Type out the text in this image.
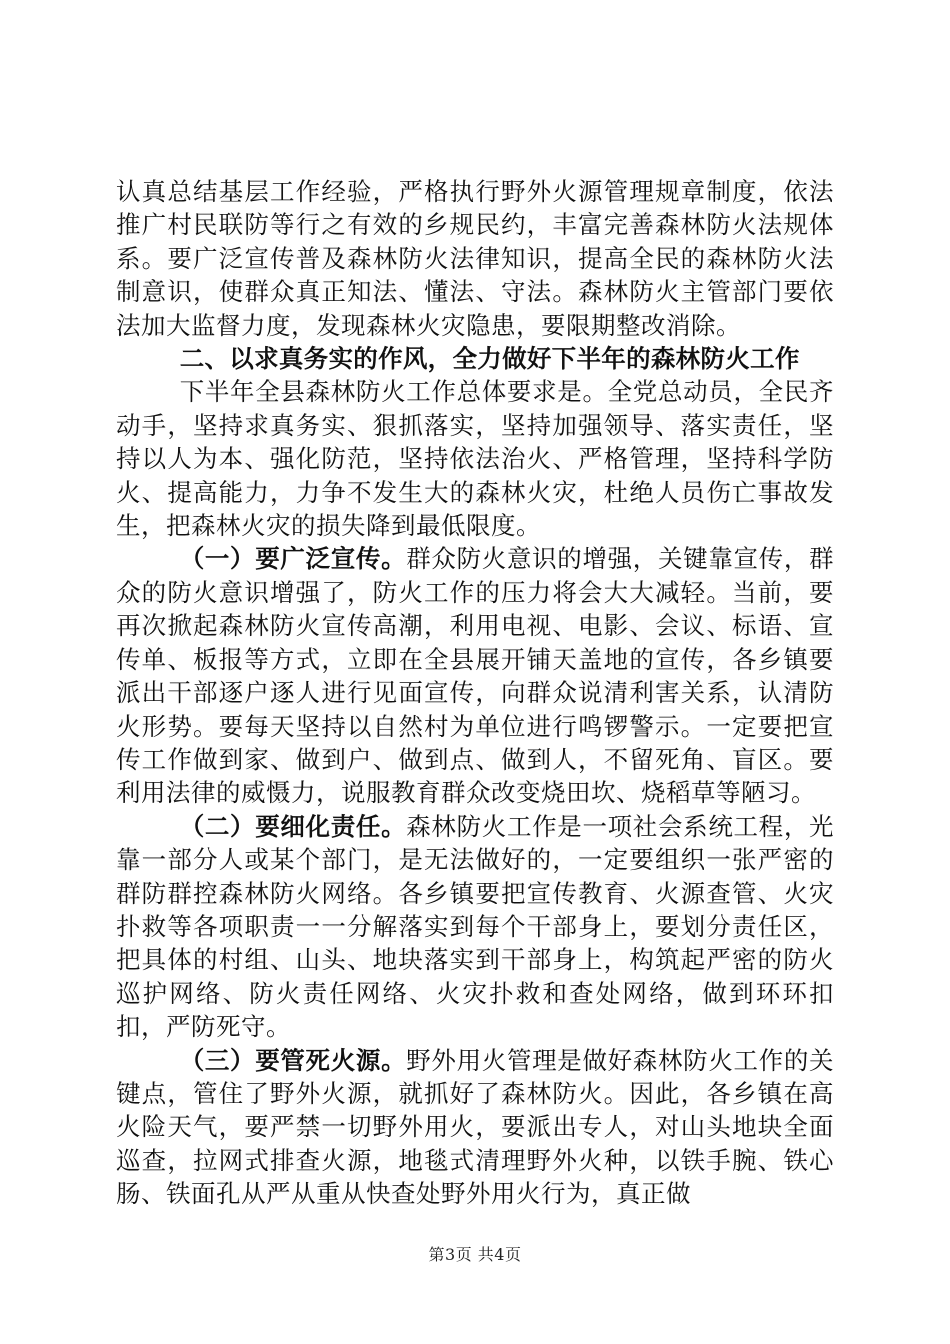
认真总结基层工作经验，严格执行野外火源管理规章制度，依法推广村民联防等行之有效的乡规民约，丰富完善森林防火法规体系。要广泛宣传普及森林防火法律知识，提高全民的森林防火法制意识，使群众真正知法、懂法、守法。森林防火主管部门要依法加大监督力度，发现森林火灾隐患，要限期整改消除。

二、以求真务实的作风，全力做好下半年的森林防火工作

下半年全县森林防火工作总体要求是。全党总动员，全民齐动手，坚持求真务实、狠抓落实，坚持加强领导、落实责任，坚持以人为本、强化防范，坚持依法治火、严格管理，坚持科学防火、提高能力，力争不发生大的森林火灾，杜绝人员伤亡事故发生，把森林火灾的损失降到最低限度。

（一）要广泛宣传。群众防火意识的增强，关键靠宣传，群众的防火意识增强了，防火工作的压力将会大大减轻。当前，要再次掀起森林防火宣传高潮，利用电视、电影、会议、标语、宣传单、板报等方式，立即在全县展开铺天盖地的宣传，各乡镇要派出干部逐户逐人进行见面宣传，向群众说清利害关系，认清防火形势。要每天坚持以自然村为单位进行鸣锣警示。一定要把宣传工作做到家、做到户、做到点、做到人，不留死角、盲区。要利用法律的威慑力，说服教育群众改变烧田坎、烧稻草等陋习。

（二）要细化责任。森林防火工作是一项社会系统工程，光靠一部分人或某个部门，是无法做好的，一定要组织一张严密的群防群控森林防火网络。各乡镇要把宣传教育、火源查管、火灾扑救等各项职责一一分解落实到每个干部身上，要划分责任区，把具体的村组、山头、地块落实到干部身上，构筑起严密的防火巡护网络、防火责任网络、火灾扑救和查处网络，做到环环扣扣，严防死守。

（三）要管死火源。野外用火管理是做好森林防火工作的关键点，管住了野外火源，就抓好了森林防火。因此，各乡镇在高火险天气，要严禁一切野外用火，要派出专人，对山头地块全面巡查，拉网式排查火源，地毯式清理野外火种，以铁手腕、铁心肠、铁面孔从严从重从快查处野外用火行为，真正做

第3页 共4页
